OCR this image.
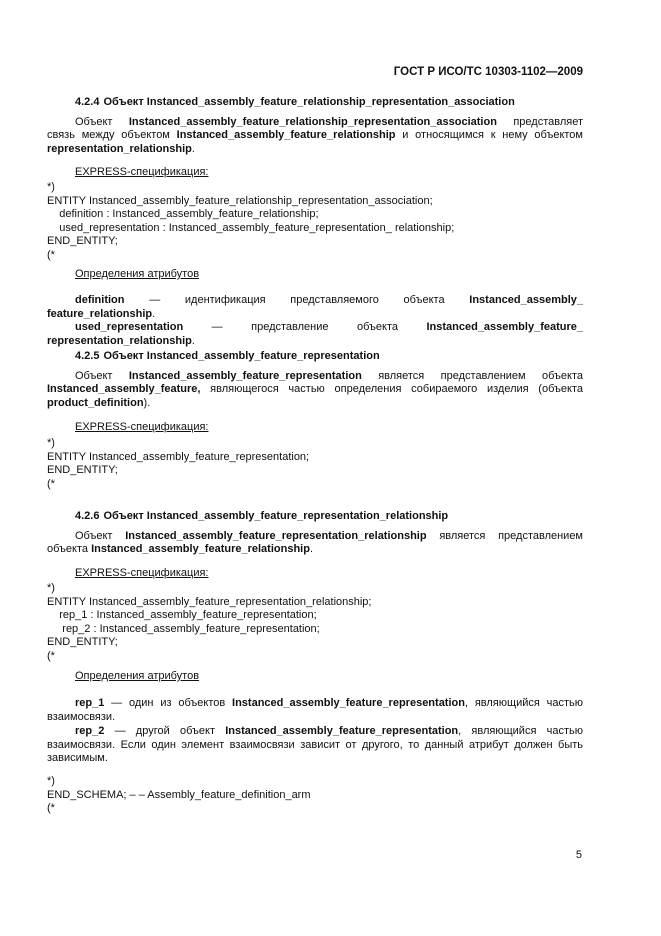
ГОСТ Р ИСО/ТС 10303-1102—2009
4.2.4 Объект Instanced_assembly_feature_relationship_representation_association
Объект Instanced_assembly_feature_relationship_representation_association представляет связь между объектом Instanced_assembly_feature_relationship и относящимся к нему объектом representation_relationship.
EXPRESS-спецификация:
*)
ENTITY Instanced_assembly_feature_relationship_representation_association;
definition : Instanced_assembly_feature_relationship;
used_representation : Instanced_assembly_feature_representation_ relationship;
END_ENTITY;
(*
Определения атрибутов
definition — идентификация представляемого объекта Instanced_assembly_
feature_relationship.
used_representation — представление объекта Instanced_assembly_feature_
representation_relationship.
4.2.5 Объект Instanced_assembly_feature_representation
Объект Instanced_assembly_feature_representation является представлением объекта Instanced_assembly_feature, являющегося частью определения собираемого изделия (объекта product_definition).
EXPRESS-спецификация:
*)
ENTITY Instanced_assembly_feature_representation;
END_ENTITY;
(*
4.2.6 Объект Instanced_assembly_feature_representation_relationship
Объект Instanced_assembly_feature_representation_relationship является представлением объекта Instanced_assembly_feature_relationship.
EXPRESS-спецификация:
*)
ENTITY Instanced_assembly_feature_representation_relationship;
rep_1 : Instanced_assembly_feature_representation;
rep_2 : Instanced_assembly_feature_representation;
END_ENTITY;
(*
Определения атрибутов
rep_1 — один из объектов Instanced_assembly_feature_representation, являющийся частью взаимосвязи.
rep_2 — другой объект Instanced_assembly_feature_representation, являющийся частью взаимосвязи. Если один элемент взаимосвязи зависит от другого, то данный атрибут должен быть зависимым.
*)
END_SCHEMA; – – Assembly_feature_definition_arm
(*
5
